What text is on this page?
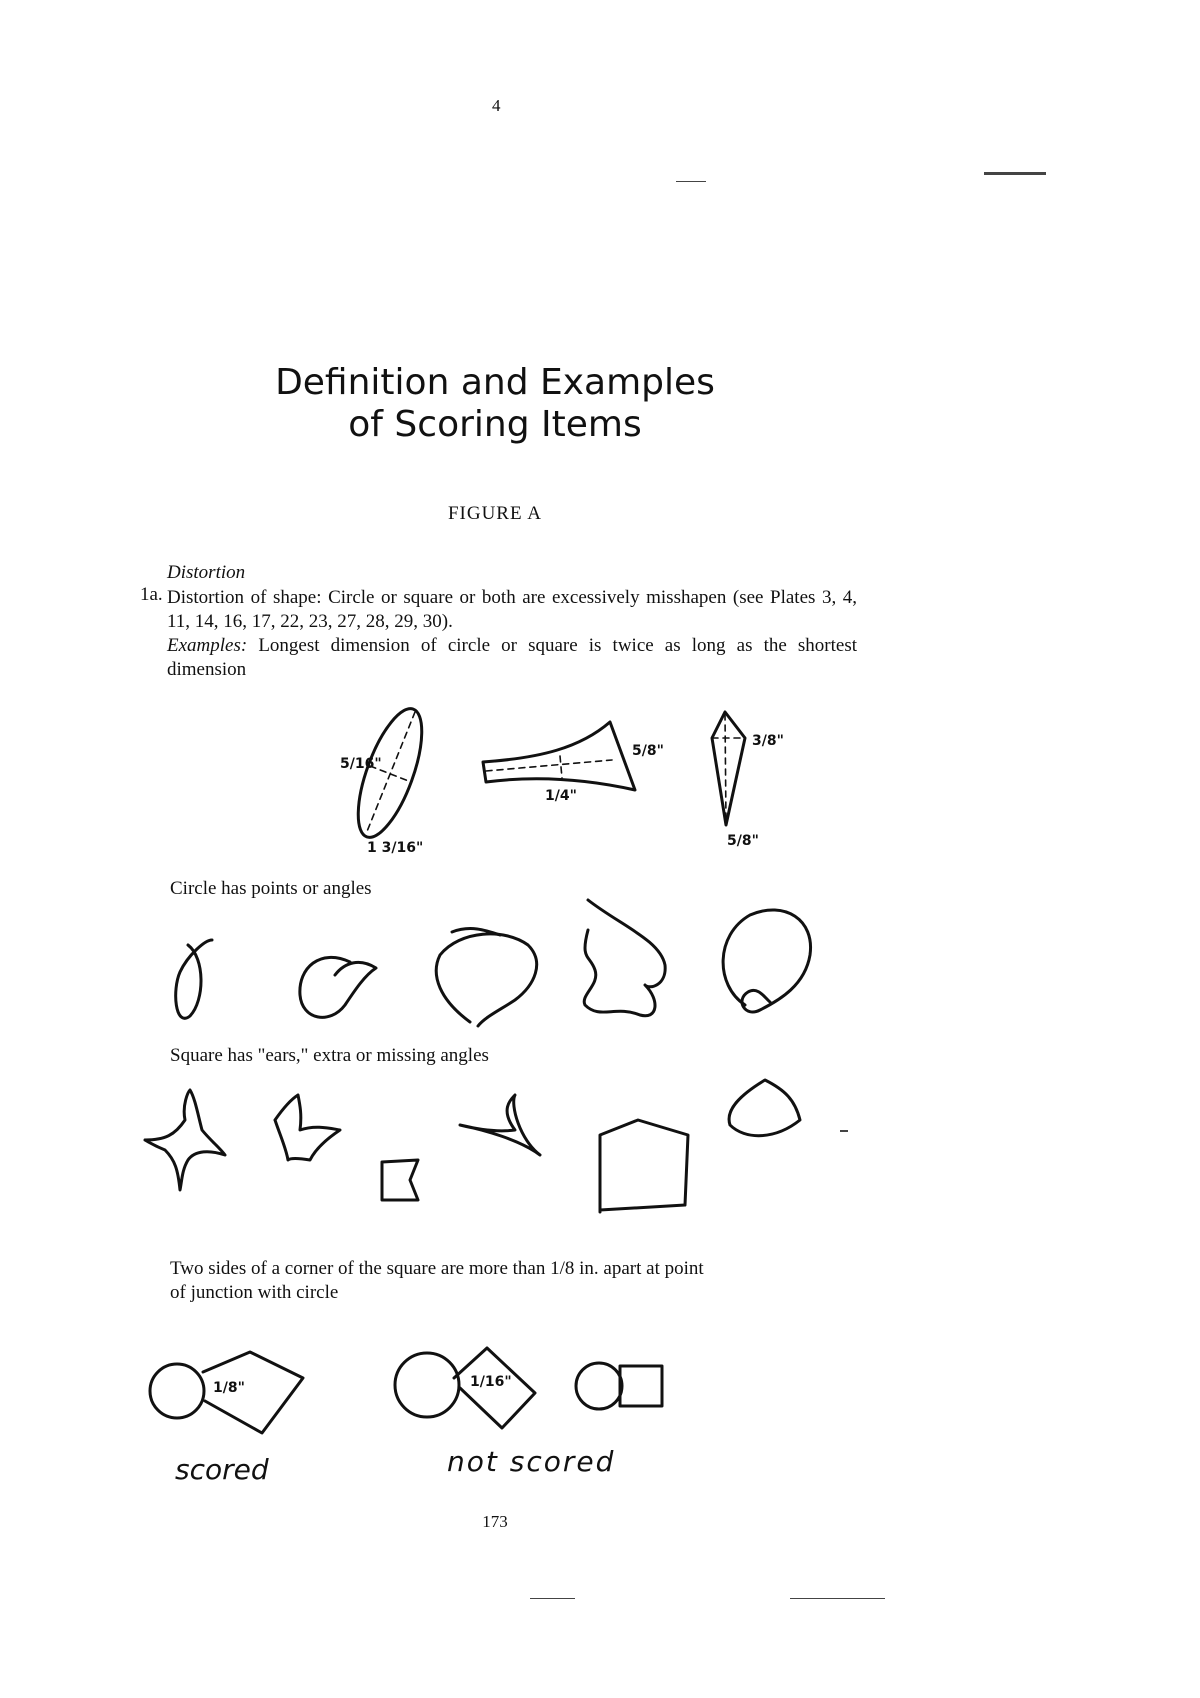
4
Definition and Examples
of Scoring Items
FIGURE A
Distortion
1a. Distortion of shape: Circle or square or both are excessively misshapen (see Plates 3, 4, 11, 14, 16, 17, 22, 23, 27, 28, 29, 30).
Examples: Longest dimension of circle or square is twice as long as the shortest dimension
5/16"
1 3/16"
5/8"
1/4"
3/8"
5/8"
1/8"	1/16"
Circle has points or angles
Square has "ears," extra or missing angles
Two sides of a corner of the square are more than 1/8 in. apart at point
of junction with circle
scored	not scored
173
